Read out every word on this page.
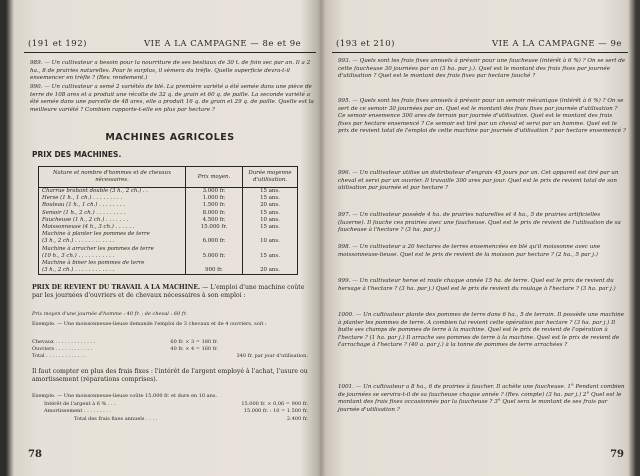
(191 et 192)	VIE A LA CAMPAGNE — 8e et 9e
989. — Un cultivateur a besoin pour la nourriture de ses bestiaux de 30 t. de foin sec par an. Il a 2 ha., 8 de prairies naturelles. Pour le surplus, il sèmera du trèfle. Quelle superficie devra-t-il ensemencer en trèfle ? (Rev. rendement.)
990. — Un cultivateur a semé 2 variétés de blé. La première variété a été semée dans une pièce de terre de 108 ares et a produit une récolte de 32 q. de grain et 60 q. de paille. La seconde variété a été semée dans une parcelle de 48 ares, elle a produit 16 q. de grain et 29 q. de paille. Quelle est la meilleure variété ? Combien rapporte-t-elle en plus par hectare ?
MACHINES AGRICOLES
PRIX DES MACHINES.
Nature et nombre d'hommes et de chevaux nécessaires.	Prix moyen.	Durée moyenne d'utilisation.
Charrue brabant double (3 h., 2 ch.) . .	3.000 fr.	15 ans.
Herse (1 h., 1 ch.) . . . . . . . . .	1.000 fr.	15 ans.
Rouleau (1 h., 1 ch.) . . . . . . . .	1.500 fr.	20 ans.
Semoir (1 h., 2 ch.) . . . . . . . . .	8.000 fr.	15 ans.
Faucheuse (1 h., 2 ch.) . . . . . . .	4.500 fr.	10 ans.
Moissonneuse (4 h., 3 ch.) . . . . . .	15.000 fr.	15 ans.
Machine à planter les pommes de terre		
(3 h., 2 ch.) . . . . . . . . . . . .	6.000 fr.	10 ans.
Machine à arracher les pommes de terre		
(10 h., 3 ch.) . . . . . . . . . . .	5.000 fr.	15 ans.
Machine à biner les pommes de terre		
(3 h., 2 ch.) . . . . . . . . . . . .	900 fr.	20 ans.
PRIX DE REVIENT DU TRAVAIL A LA MACHINE. — L'emploi d'une machine coûte par les journées d'ouvriers et de chevaux nécessaires à son emploi :
Prix moyen d'une journée d'homme : 40 fr. ; de cheval : 60 fr.
Exemple. — Une moissonneuse-lieuse demande l'emploi de 3 chevaux et de 4 ouvriers, soit :
Chevaux . . . . . . . . . . . . .	60 fr. × 3 = 180 fr.
Ouvriers . . . . . . . . . . . .	40 fr. × 4 = 160 fr.
Total . . . . . . . . . . . . .	340 fr. par jour d'utilisation.
Il faut compter en plus des frais fixes : l'intérêt de l'argent employé à l'achat, l'usure ou amortissement (réparations comprises).
Exemple. — Une moissonneuse-lieuse coûte 15.000 fr. et dure en 10 ans.
Intérêt de l'argent à 6 % . . .	15.000 fr. × 0,06 = 900 fr.
Amortissement . . . . . . . . .	15.000 fr. : 10 = 1.500 fr.
Total des frais fixes annuels . . . .	2.400 fr.
78
(193 et 210)	VIE A LA CAMPAGNE — 9e
993. — Quels sont les frais fixes annuels à prévoir pour une faucheuse (intérêt à 6 %) ? On se sert de cette faucheuse 30 journées par an (3 ha. par j.). Quel est le montant des frais fixes par journée d'utilisation ? Quel est le montant des frais fixes par hectare fauché ?
995. — Quels sont les frais fixes annuels à prévoir pour un semoir mécanique (intérêt à 6 %) ? On se sert de ce semoir 30 journées par an. Quel est le montant des frais fixes par journée d'utilisation ? Ce semoir ensemence 300 ares de terrain par journée d'utilisation. Quel est le montant des frais fixes par hectare ensemencé ? Ce semoir est tiré par un cheval et servi par un homme. Quel est le prix de revient total de l'emploi de cette machine par journée d'utilisation ? par hectare ensemencé ?
996. — Un cultivateur utilise un distributeur d'engrais 45 jours par an. Cet appareil est tiré par un cheval et servi par un ouvrier. Il travaille 300 ares par jour. Quel est le prix de revient total de son utilisation par journée et par hectare ?
997. — Un cultivateur possède 4 ha. de prairies naturelles et 4 ha., 5 de prairies artificielles (luzerne). Il fauche ces prairies avec une faucheuse. Quel est le prix de revient de l'utilisation de sa faucheuse à l'hectare ? (3 ha. par j.)
998. — Un cultivateur a 20 hectares de terres ensemencées en blé qu'il moissonne avec une moissonneuse-lieuse. Quel est le prix de revient de la moisson par hectare ? (2 ha., 5 par j.)
999. — Un cultivateur herse et roule chaque année 15 ha. de terre. Quel est le prix de revient du hersage à l'hectare ? (3 ha. par j.) Quel est le prix de revient du roulage à l'hectare ? (3 ha. par j.)
1000. — Un cultivateur plante des pommes de terre dans 6 ha., 5 de terrain. Il possède une machine à planter les pommes de terre. A combien lui revient cette opération par hectare ? (3 ha. par j.) Il butte ses champs de pommes de terre à la machine. Quel est le prix de revient de l'opération à l'hectare ? (1 ha. par j.) Il arrache ses pommes de terre à la machine. Quel est le prix de revient de l'arrachage à l'hectare ? (40 a. par j.) à la tonne de pommes de terre arrachées ?
1001. — Un cultivateur a 8 ha., 6 de prairies à faucher. Il achète une faucheuse. 1° Pendant combien de journées se servira-t-il de sa faucheuse chaque année ? (Rev. compte) (3 ha. par j.) 2° Quel est le montant des frais fixes occasionnés par la faucheuse ? 3° Quel sera le montant de ses frais par journée d'utilisation ?
79
